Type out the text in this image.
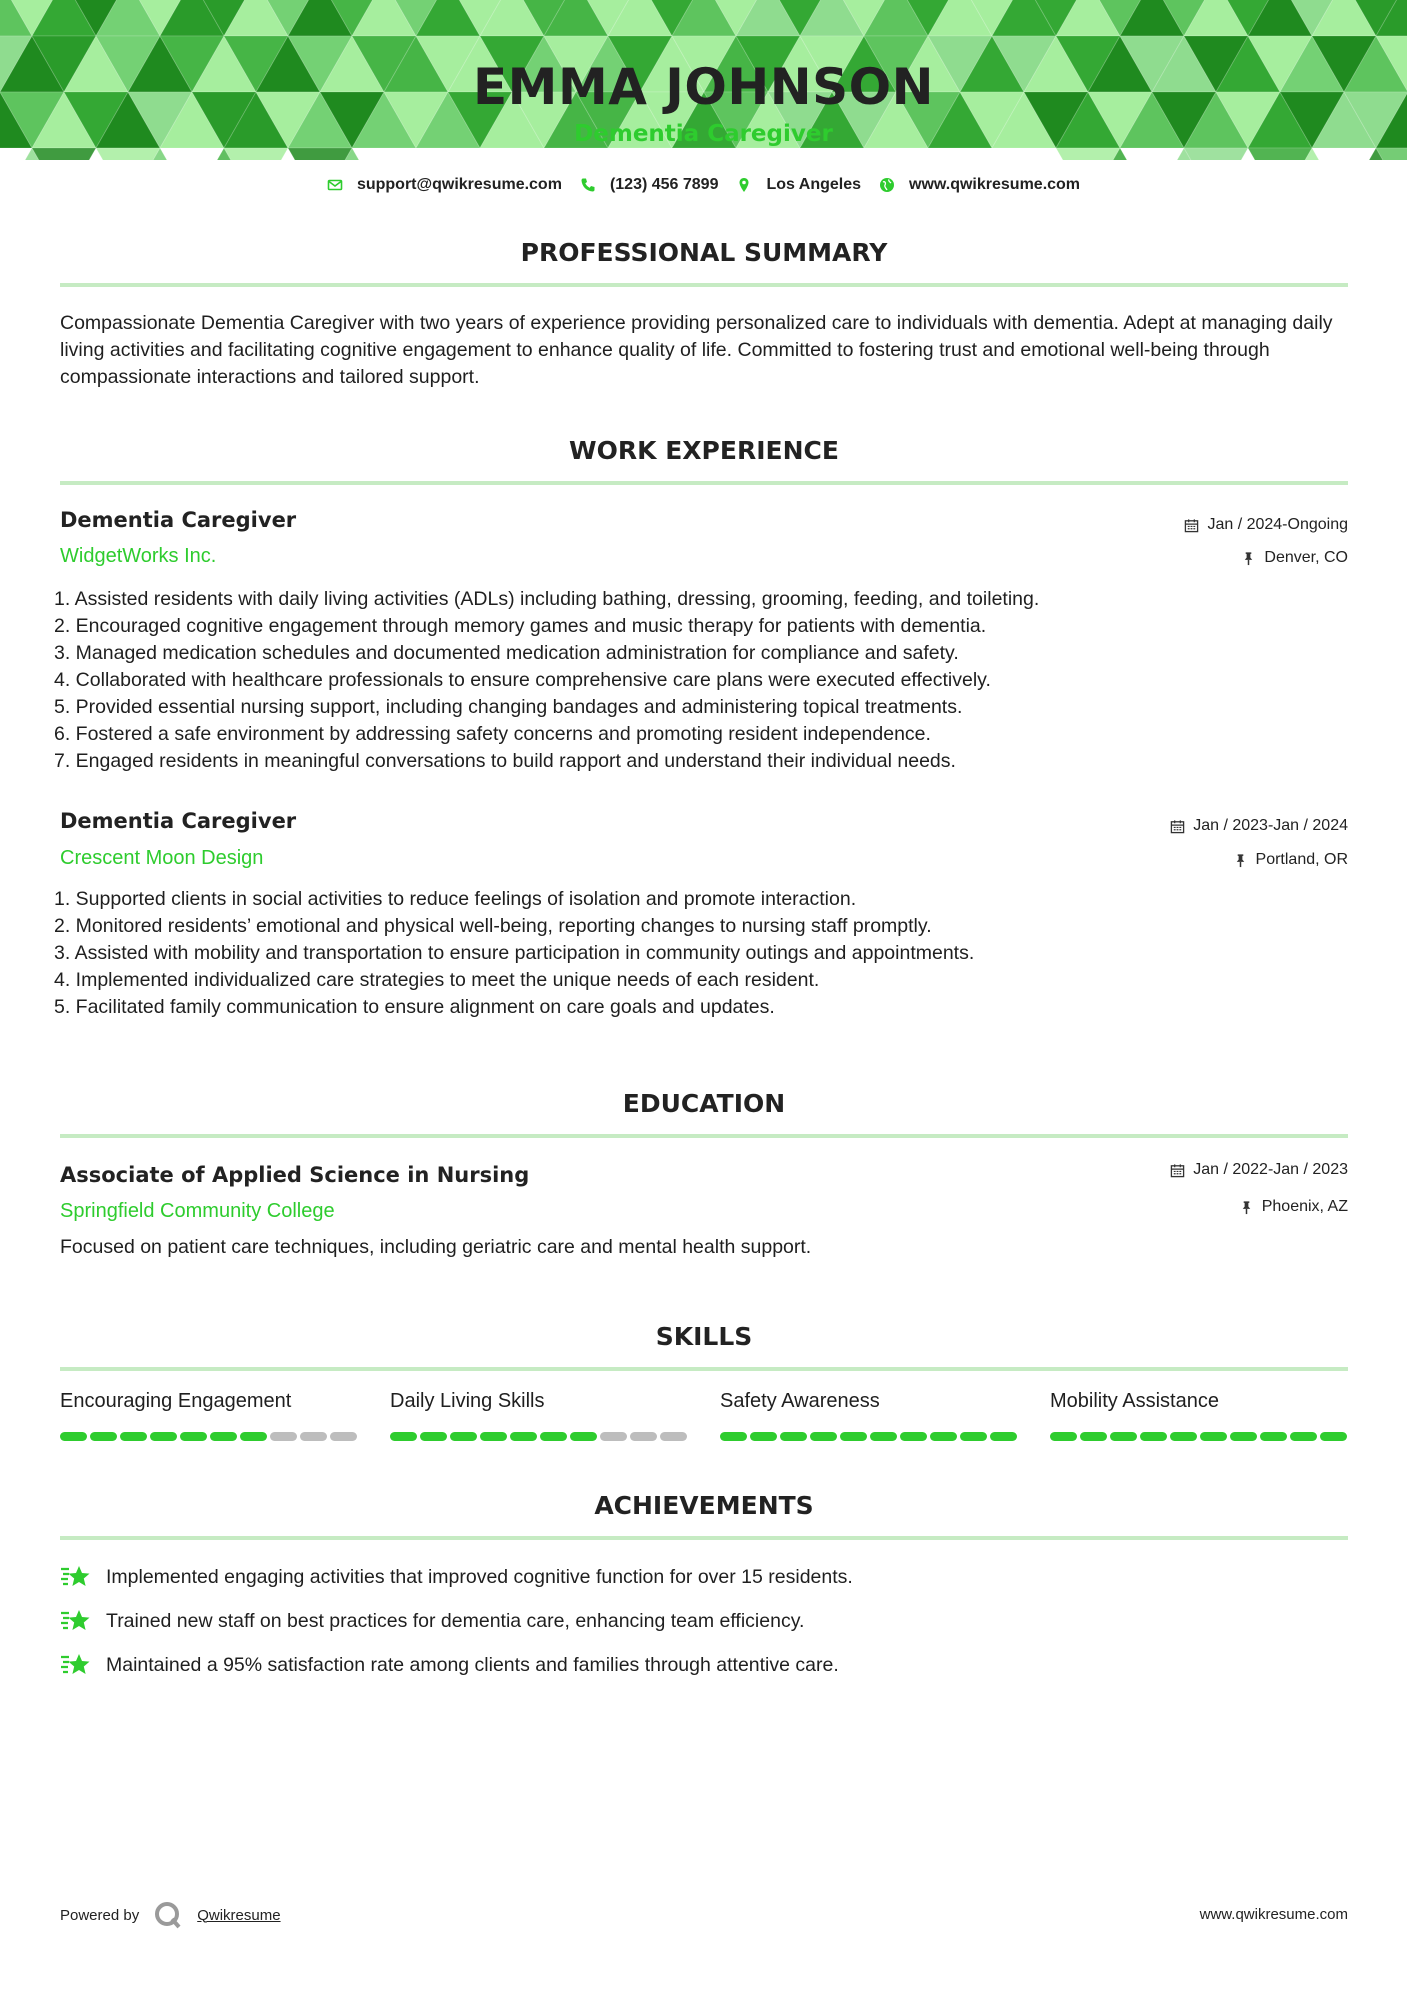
EMMA JOHNSON
Dementia Caregiver
support@qwikresume.com	(123) 456 7899	Los Angeles	www.qwikresume.com
PROFESSIONAL SUMMARY

Compassionate Dementia Caregiver with two years of experience providing personalized care to individuals with dementia. Adept at managing daily living activities and facilitating cognitive engagement to enhance quality of life. Committed to fostering trust and emotional well-being through compassionate interactions and tailored support.

WORK EXPERIENCE
Dementia Caregiver
WidgetWorks Inc.
Jan / 2024-Ongoing
Denver, CO
1. Assisted residents with daily living activities (ADLs) including bathing, dressing, grooming, feeding, and toileting.
2. Encouraged cognitive engagement through memory games and music therapy for patients with dementia.
3. Managed medication schedules and documented medication administration for compliance and safety.
4. Collaborated with healthcare professionals to ensure comprehensive care plans were executed effectively.
5. Provided essential nursing support, including changing bandages and administering topical treatments.
6. Fostered a safe environment by addressing safety concerns and promoting resident independence.
7. Engaged residents in meaningful conversations to build rapport and understand their individual needs.
Dementia Caregiver
Crescent Moon Design
Jan / 2023-Jan / 2024
Portland, OR
1. Supported clients in social activities to reduce feelings of isolation and promote interaction.
2. Monitored residents’ emotional and physical well-being, reporting changes to nursing staff promptly.
3. Assisted with mobility and transportation to ensure participation in community outings and appointments.
4. Implemented individualized care strategies to meet the unique needs of each resident.
5. Facilitated family communication to ensure alignment on care goals and updates.
EDUCATION
Associate of Applied Science in Nursing
Springfield Community College
Jan / 2022-Jan / 2023
Phoenix, AZ

Focused on patient care techniques, including geriatric care and mental health support.

SKILLS
Encouraging Engagement	Daily Living Skills	Safety Awareness	Mobility Assistance
ACHIEVEMENTS
Implemented engaging activities that improved cognitive function for over 15 residents.
Trained new staff on best practices for dementia care, enhancing team efficiency.
Maintained a 95% satisfaction rate among clients and families through attentive care.
Powered by	Qwikresume	www.qwikresume.com
